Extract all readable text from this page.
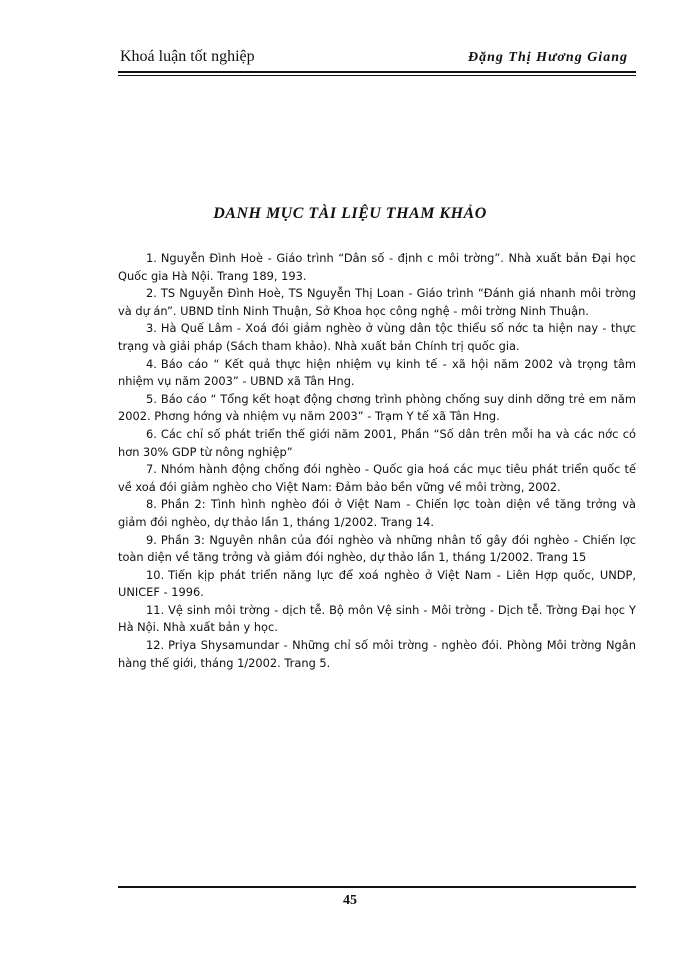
Khoá luận tốt nghiệp	Đặng Thị Hương Giang
DANH MỤC TÀI LIỆU THAM KHẢO

1. Nguyễn Đình Hoè - Giáo trình “Dân số - định c môi trờng”. Nhà xuất bản Đại học Quốc gia Hà Nội. Trang 189, 193.

2. TS Nguyễn Đình Hoè, TS Nguyễn Thị Loan - Giáo trình “Đánh giá nhanh môi trờng và dự án”. UBND tỉnh Ninh Thuận, Sở Khoa học công nghệ - môi trờng Ninh Thuận.

3. Hà Quế Lâm - Xoá đói giảm nghèo ở vùng dân tộc thiểu số nớc ta hiện nay - thực trạng và giải pháp (Sách tham khảo). Nhà xuất bản Chính trị quốc gia.

4. Báo cáo “ Kết quả thực hiện nhiệm vụ kinh tế - xã hội năm 2002 và trọng tâm nhiệm vụ năm 2003” - UBND xã Tân Hng.

5. Báo cáo “ Tổng kết hoạt động chơng trình phòng chống suy dinh dỡng trẻ em năm 2002. Phơng hớng và nhiệm vụ năm 2003” - Trạm Y tế xã Tân Hng.

6. Các chỉ số phát triển thế giới năm 2001, Phần “Số dân trên mỗi ha và các nớc có hơn 30% GDP từ nông nghiệp”

7. Nhóm hành động chống đói nghèo - Quốc gia hoá các mục tiêu phát triển quốc tế về xoá đói giảm nghèo cho Việt Nam: Đảm bảo bền vững về môi trờng, 2002.

8. Phần 2: Tình hình nghèo đói ở Việt Nam - Chiến lợc toàn diện về tăng trởng và giảm đói nghèo, dự thảo lần 1, tháng 1/2002. Trang 14.

9. Phần 3: Nguyên nhân của đói nghèo và những nhân tố gây đói nghèo - Chiến lợc toàn diện về tăng trởng và giảm đói nghèo, dự thảo lần 1, tháng 1/2002. Trang 15

10. Tiến kịp phát triển năng lực để xoá nghèo ở Việt Nam - Liên Hợp quốc, UNDP, UNICEF - 1996.

11. Vệ sinh môi trờng - dịch tễ. Bộ môn Vệ sinh - Môi trờng - Dịch tễ. Trờng Đại học Y Hà Nội. Nhà xuất bản y học.

12. Priya Shysamundar - Những chỉ số môi trờng - nghèo đói. Phòng Môi trờng Ngân hàng thế giới, tháng 1/2002. Trang 5.

45
